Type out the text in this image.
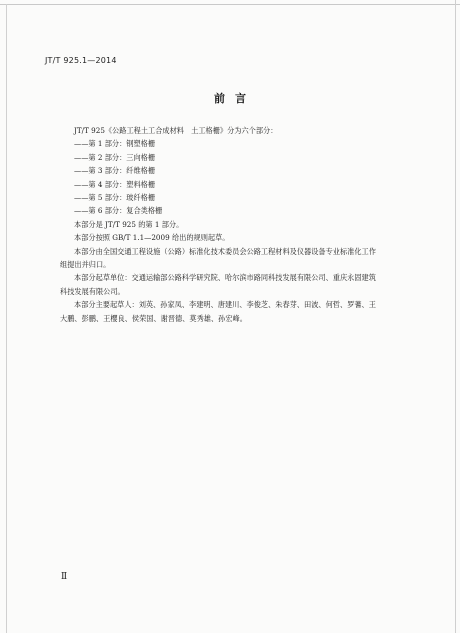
JT/T 925.1—2014
前言

JT/T 925《公路工程土工合成材料　土工格栅》分为六个部分：

——第 1 部分：钢塑格栅

——第 2 部分：三向格栅

——第 3 部分：纤维格栅

——第 4 部分：塑料格栅

——第 5 部分：玻纤格栅

——第 6 部分：复合类格栅

本部分是 JT/T 925 的第 1 部分。

本部分按照 GB/T 1.1—2009 给出的规则起草。

本部分由全国交通工程设施（公路）标准化技术委员会公路工程材料及仪器设备专业标准化工作组提出并归口。

本部分起草单位：交通运输部公路科学研究院、哈尔滨市路同科技发展有限公司、重庆永固建筑科技发展有限公司。

本部分主要起草人：刘英、孙家凤、李建明、唐建川、李俊芝、朱春芽、田波、何哲、罗蓍、王大鹏、彭鹏、王樱良、侯荣国、谢晋德、莫秀雄、孙宏峰。

Ⅱ
